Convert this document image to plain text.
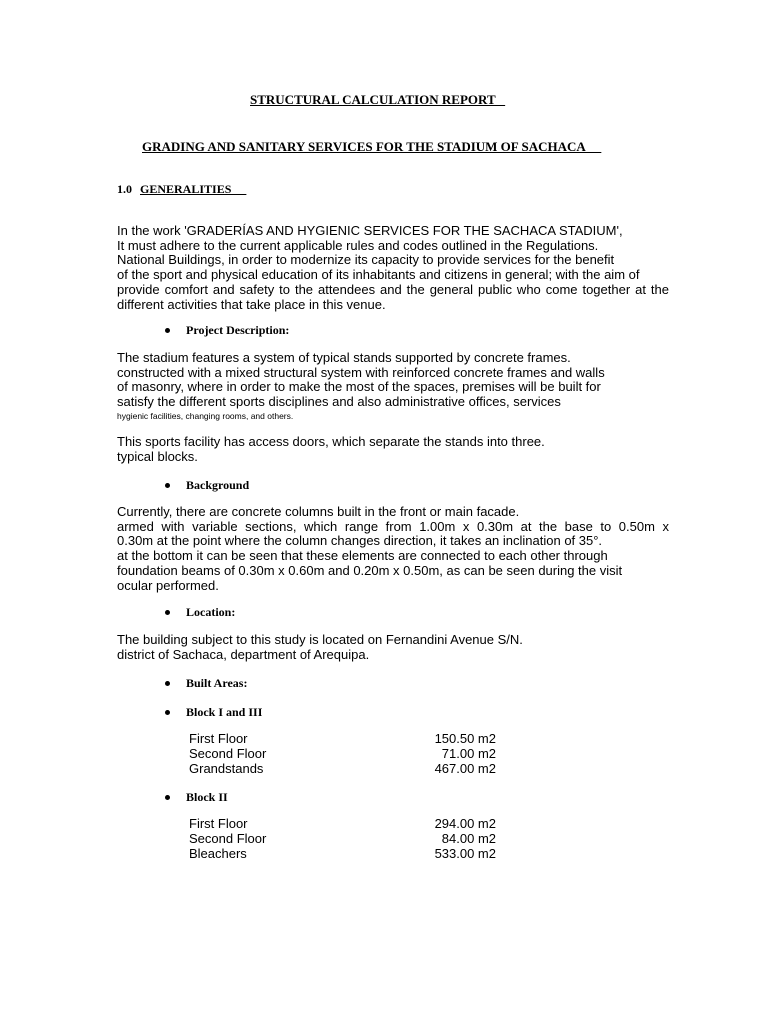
STRUCTURAL CALCULATION REPORT
GRADING AND SANITARY SERVICES FOR THE STADIUM OF SACHACA
1.0 GENERALITIES
In the work 'GRADERÍAS AND HYGIENIC SERVICES FOR THE SACHACA STADIUM',
It must adhere to the current applicable rules and codes outlined in the Regulations.
National Buildings, in order to modernize its capacity to provide services for the benefit
of the sport and physical education of its inhabitants and citizens in general; with the aim of
provide comfort and safety to the attendees and the general public who come together at the
different activities that take place in this venue.
Project Description:
The stadium features a system of typical stands supported by concrete frames.
constructed with a mixed structural system with reinforced concrete frames and walls
of masonry, where in order to make the most of the spaces, premises will be built for
satisfy the different sports disciplines and also administrative offices, services
hygienic facilities, changing rooms, and others.
This sports facility has access doors, which separate the stands into three.
typical blocks.
Background
Currently, there are concrete columns built in the front or main facade.
armed with variable sections, which range from 1.00m x 0.30m at the base to 0.50m x
0.30m at the point where the column changes direction, it takes an inclination of 35°.
at the bottom it can be seen that these elements are connected to each other through
foundation beams of 0.30m x 0.60m and 0.20m x 0.50m, as can be seen during the visit
ocular performed.
Location:
The building subject to this study is located on Fernandini Avenue S/N.
district of Sachaca, department of Arequipa.
Built Areas:
Block I and III
First Floor	150.50 m2
Second Floor	71.00 m2
Grandstands	467.00 m2
Block II
First Floor	294.00 m2
Second Floor	84.00 m2
Bleachers	533.00 m2
